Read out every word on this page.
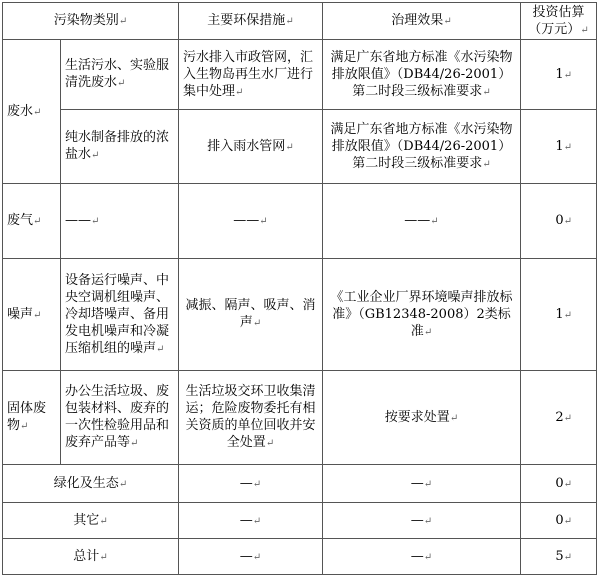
污染物类别↵		主要环保措施↵	治理效果↵	投资估算（万元）↵
废水↵	生活污水、实验服清洗废水↵	污水排入市政管网，汇入生物岛再生水厂进行集中处理↵	满足广东省地方标准《水污染物排放限值》（DB44/26-2001）第二时段三级标准要求↵	1↵
	纯水制备排放的浓盐水↵	排入雨水管网↵	满足广东省地方标准《水污染物排放限值》（DB44/26-2001）第二时段三级标准要求↵	1↵
废气↵	——↵	——↵	——↵	0↵
噪声↵	设备运行噪声、中央空调机组噪声、冷却塔噪声、备用发电机噪声和冷凝压缩机组的噪声↵	减振、隔声、吸声、消声↵	《工业企业厂界环境噪声排放标准》（GB12348-2008）2类标准↵	1↵
固体废物↵	办公生活垃圾、废包装材料、废弃的一次性检验用品和废弃产品等↵	生活垃圾交环卫收集清运；危险废物委托有相关资质的单位回收并安全处置↵	按要求处置↵	2↵
绿化及生态↵		—↵	—↵	0↵
其它↵		—↵	—↵	0↵
总计↵		—↵	—↵	5↵
